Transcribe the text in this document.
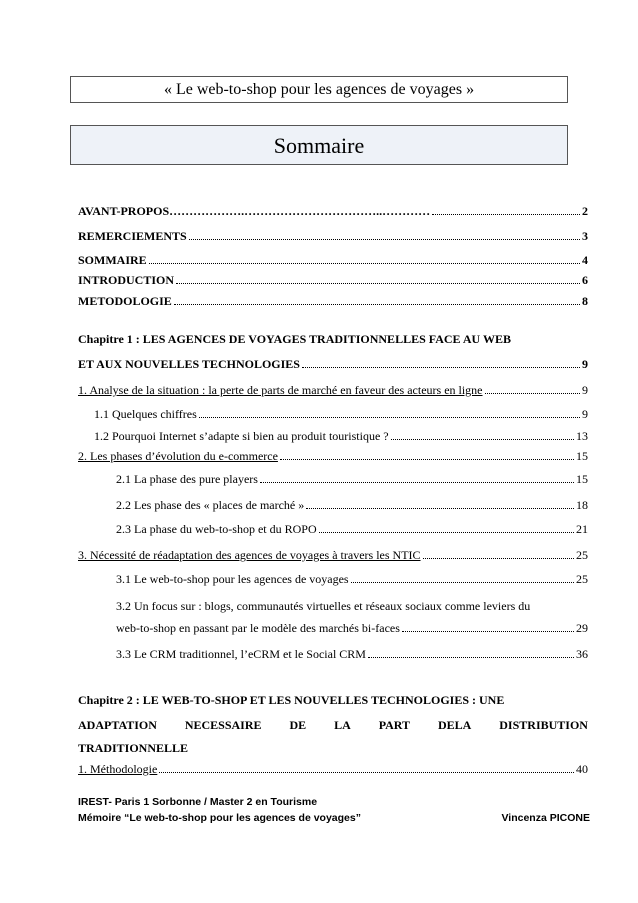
« Le web-to-shop pour les agences de voyages »
Sommaire
AVANT-PROPOS……………….……………………………..…………	2
REMERCIEMENTS	3
SOMMAIRE	4
INTRODUCTION	6
METODOLOGIE	8
Chapitre 1 : LES AGENCES DE VOYAGES TRADITIONNELLES FACE AU WEB
ET AUX NOUVELLES TECHNOLOGIES	9
1. Analyse de la situation : la perte de parts de marché en faveur des acteurs en ligne	9
1.1 Quelques chiffres	9
1.2 Pourquoi Internet s’adapte si bien au produit touristique ?	13
2. Les phases d’évolution du e-commerce	15
2.1 La phase des pure players	15
2.2 Les phase des « places de marché »	18
2.3 La phase du web-to-shop et du ROPO	21
3. Nécessité de réadaptation des agences de voyages à travers les NTIC	25
3.1 Le web-to-shop pour les agences de voyages	25
3.2 Un focus sur : blogs, communautés virtuelles et réseaux sociaux comme leviers du
web-to-shop en passant par le modèle des marchés bi-faces	29
3.3 Le CRM traditionnel, l’eCRM et le Social CRM	36
Chapitre 2 : LE WEB-TO-SHOP ET LES NOUVELLES TECHNOLOGIES : UNE
ADAPTATION NECESSAIRE DE LA PART DELA DISTRIBUTION
TRADITIONNELLE
1. Méthodologie	40
IREST- Paris 1 Sorbonne / Master 2 en Tourisme
Mémoire “Le web-to-shop pour les agences de voyages”	Vincenza PICONE
